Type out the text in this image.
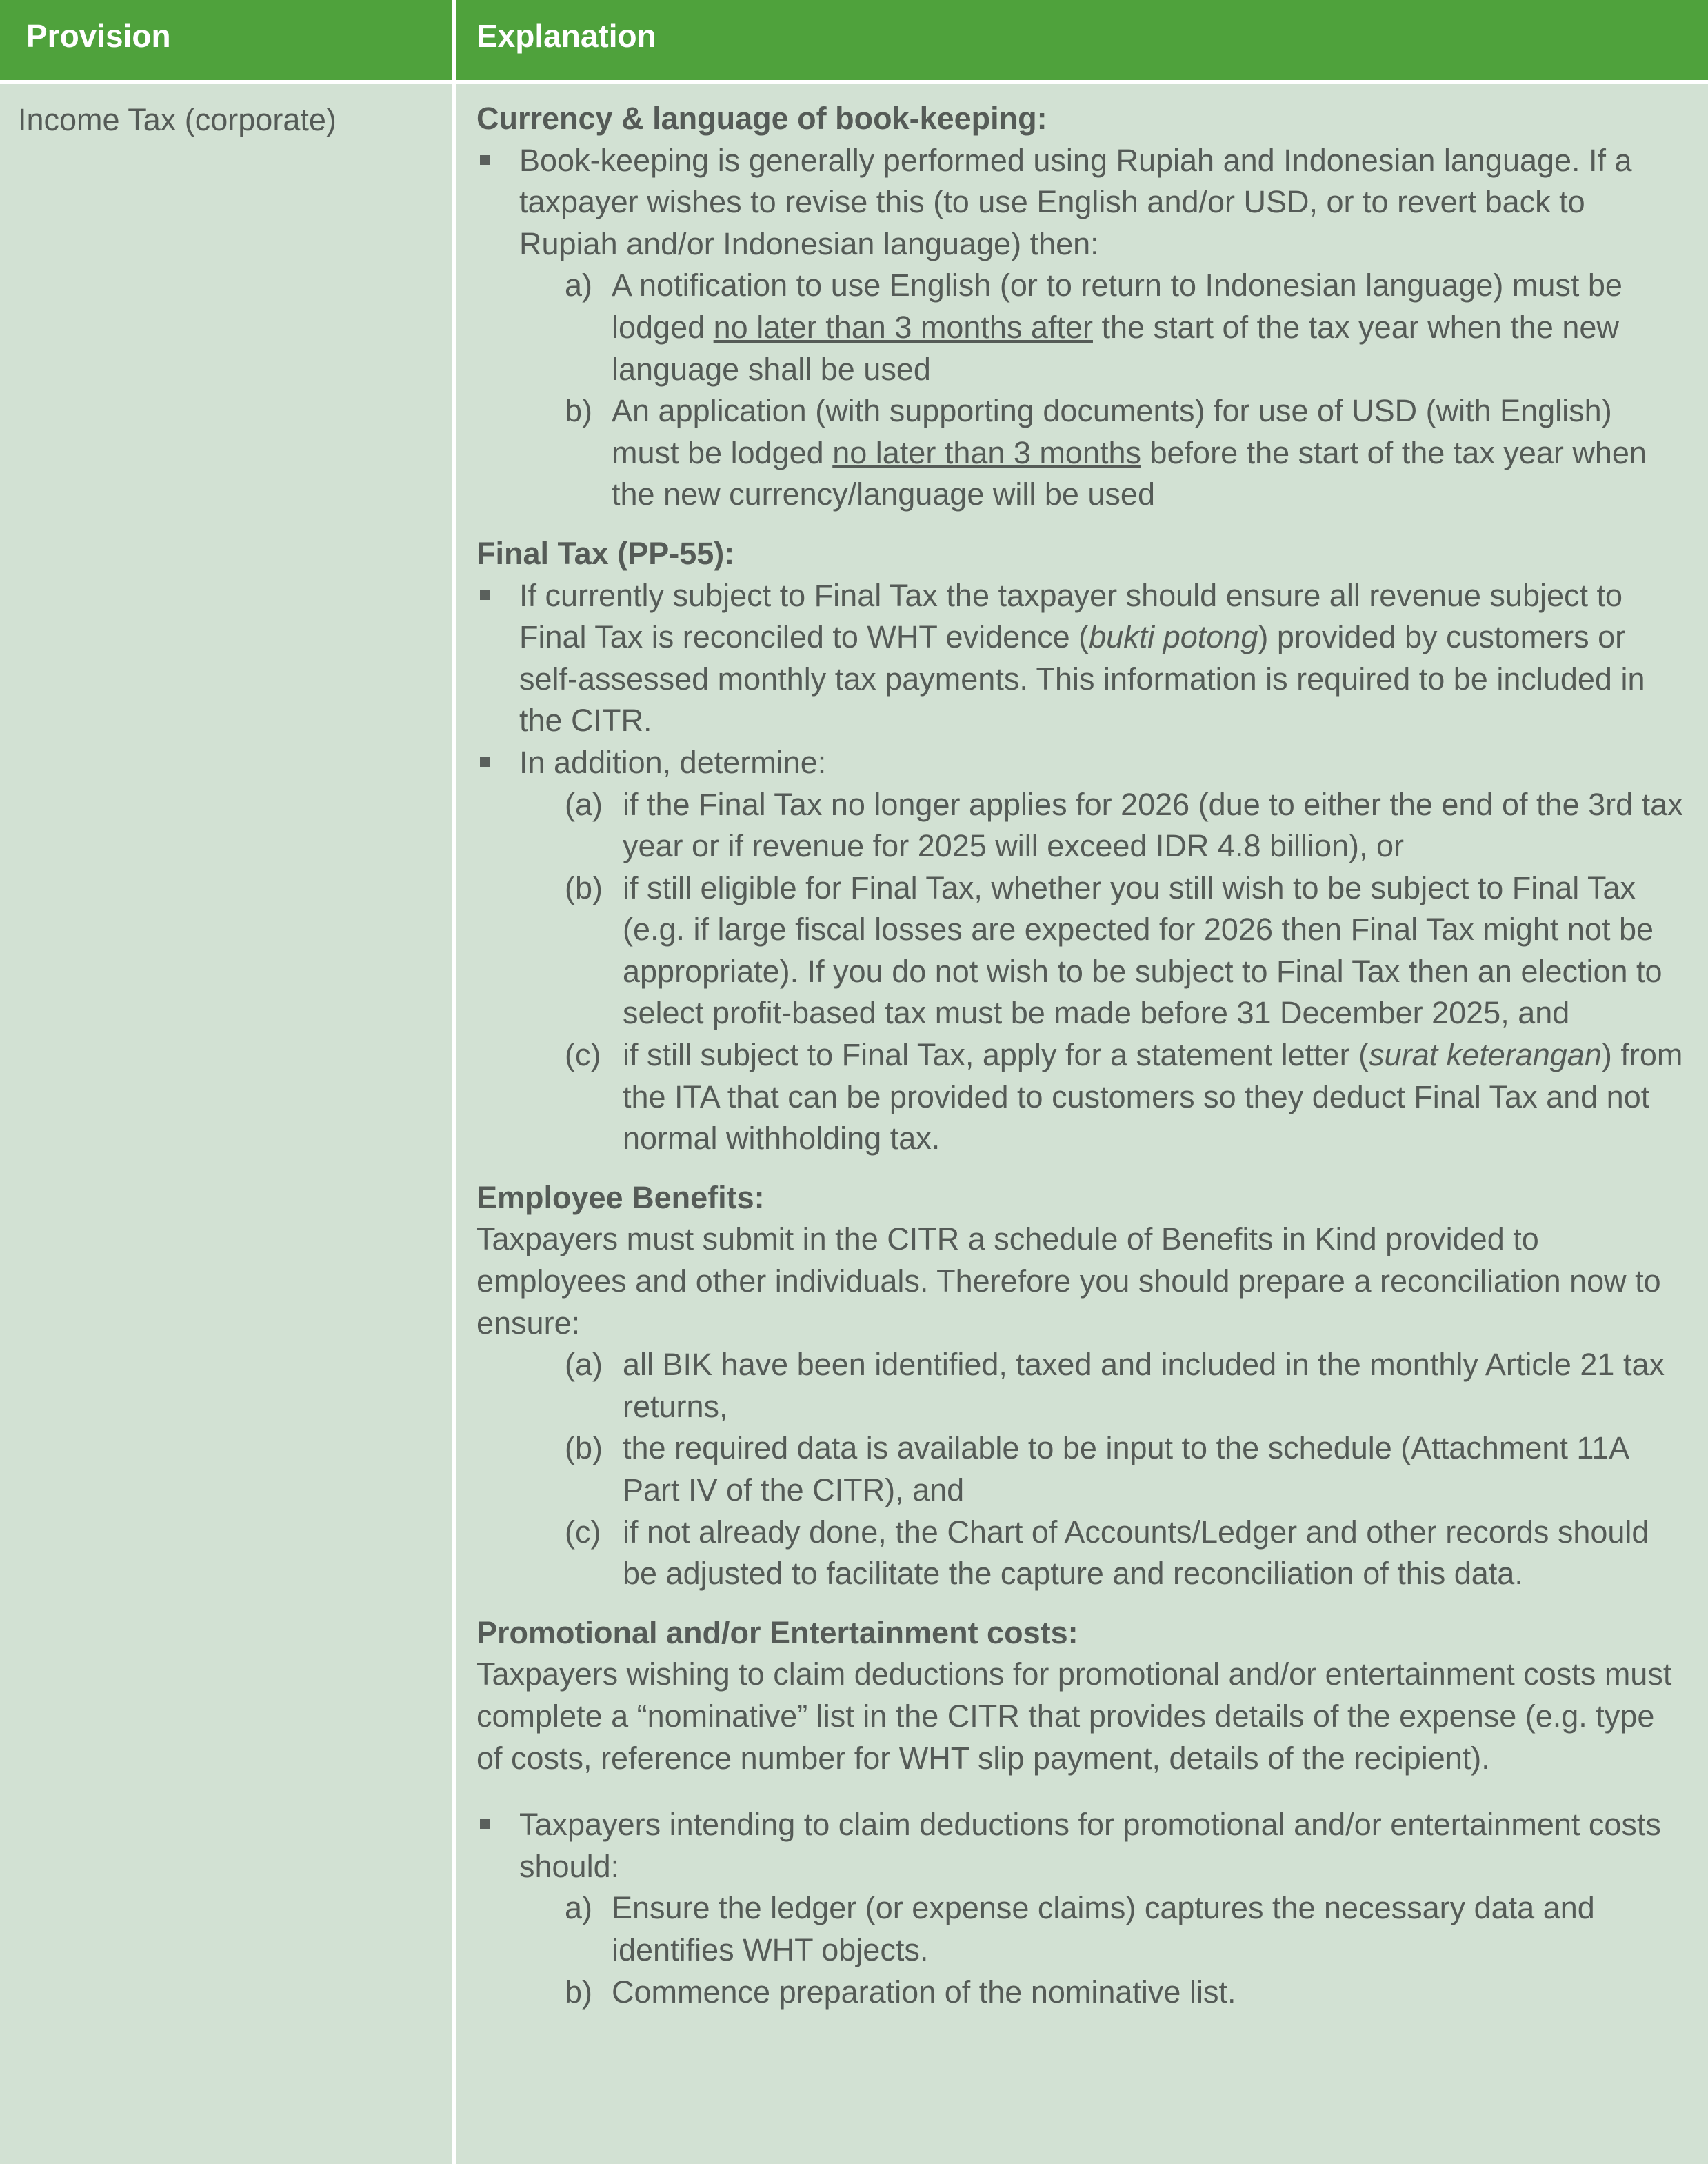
Provision	Explanation
Income Tax (corporate)	Currency & language of book-keeping:

Book-keeping is generally performed using Rupiah and Indonesian language. If a taxpayer wishes to revise this (to use English and/or USD, or to revert back to Rupiah and/or Indonesian language) then:

a) A notification to use English (or to return to Indonesian language) must be lodged no later than 3 months after the start of the tax year when the new language shall be used

b) An application (with supporting documents) for use of USD (with English) must be lodged no later than 3 months before the start of the tax year when the new currency/language will be used

Final Tax (PP-55):

If currently subject to Final Tax the taxpayer should ensure all revenue subject to Final Tax is reconciled to WHT evidence (bukti potong) provided by customers or self-assessed monthly tax payments. This information is required to be included in the CITR.

In addition, determine:

(a) if the Final Tax no longer applies for 2026 (due to either the end of the 3rd tax year or if revenue for 2025 will exceed IDR 4.8 billion), or

(b) if still eligible for Final Tax, whether you still wish to be subject to Final Tax (e.g. if large fiscal losses are expected for 2026 then Final Tax might not be appropriate). If you do not wish to be subject to Final Tax then an election to select profit-based tax must be made before 31 December 2025, and

(c) if still subject to Final Tax, apply for a statement letter (surat keterangan) from the ITA that can be provided to customers so they deduct Final Tax and not normal withholding tax.

Employee Benefits:

Taxpayers must submit in the CITR a schedule of Benefits in Kind provided to employees and other individuals. Therefore you should prepare a reconciliation now to ensure:

(a) all BIK have been identified, taxed and included in the monthly Article 21 tax returns,

(b) the required data is available to be input to the schedule (Attachment 11A Part IV of the CITR), and

(c) if not already done, the Chart of Accounts/Ledger and other records should be adjusted to facilitate the capture and reconciliation of this data.

Promotional and/or Entertainment costs:

Taxpayers wishing to claim deductions for promotional and/or entertainment costs must complete a “nominative” list in the CITR that provides details of the expense (e.g. type of costs, reference number for WHT slip payment, details of the recipient).

Taxpayers intending to claim deductions for promotional and/or entertainment costs should:

a) Ensure the ledger (or expense claims) captures the necessary data and identifies WHT objects.

b) Commence preparation of the nominative list.
